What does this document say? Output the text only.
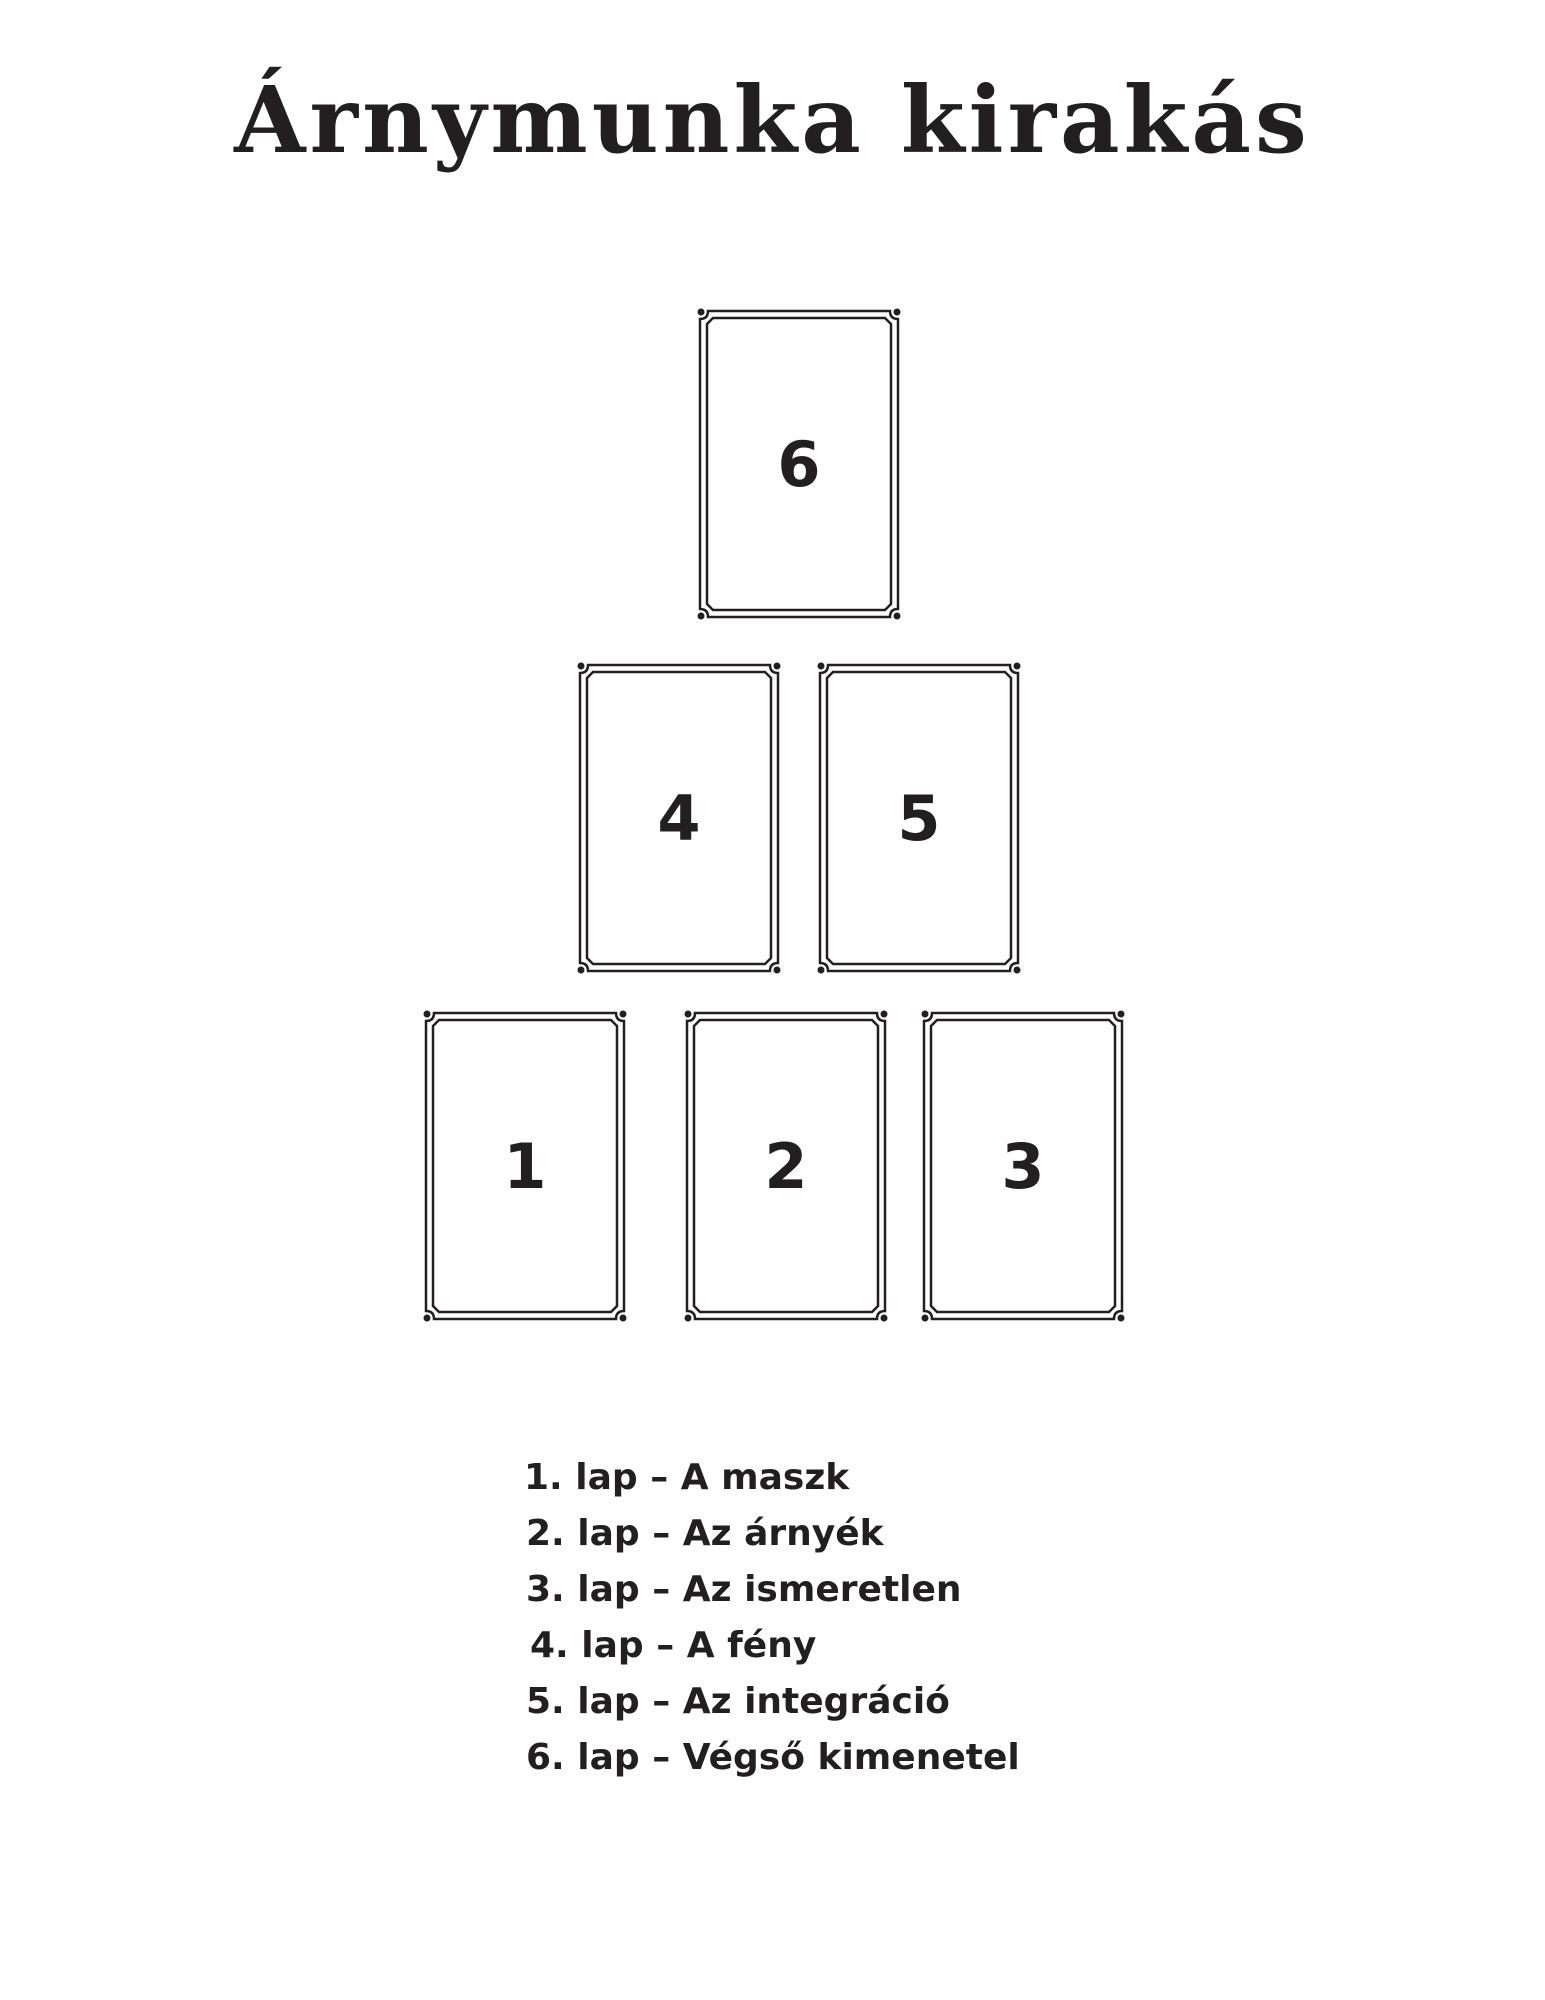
Árnymunka kirakás
6
4	5
1	2	3
1. lap – A maszk
2. lap – Az árnyék
3. lap – Az ismeretlen
4. lap – A fény
5. lap – Az integráció
6. lap – Végső kimenetel
